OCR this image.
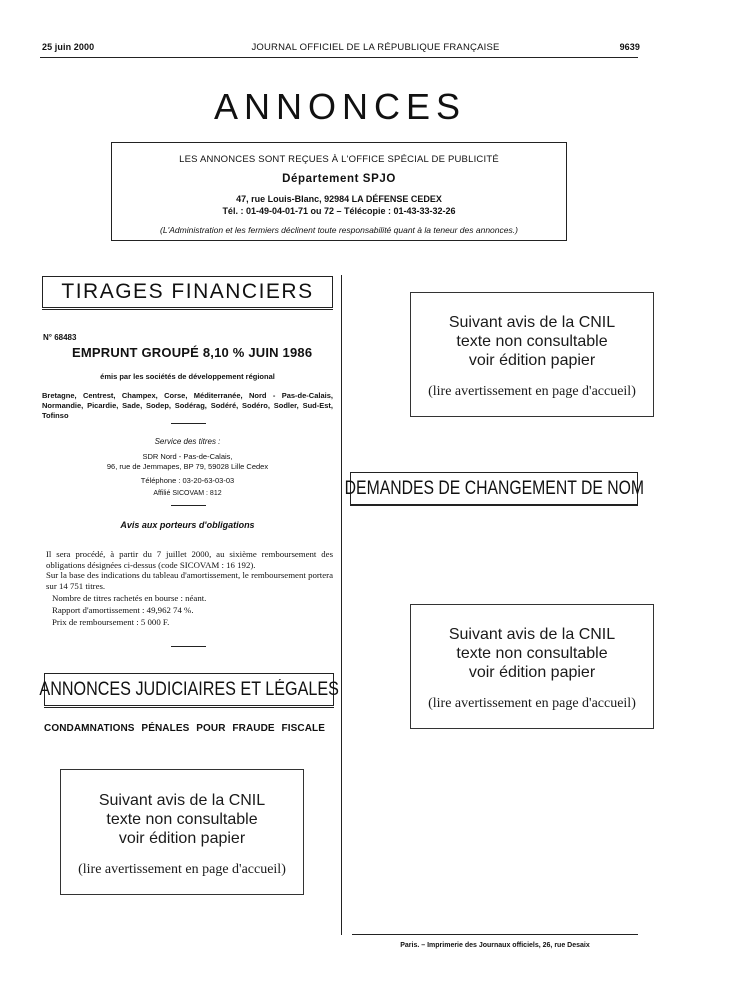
25 juin 2000	JOURNAL OFFICIEL DE LA RÉPUBLIQUE FRANÇAISE	9639
ANNONCES
LES ANNONCES SONT REÇUES À L'OFFICE SPÉCIAL DE PUBLICITÉ
Département SPJO
47, rue Louis-Blanc, 92984 LA DÉFENSE CEDEX
Tél. : 01-49-04-01-71 ou 72 – Télécopie : 01-43-33-32-26
(L'Administration et les fermiers déclinent toute responsabilité quant à la teneur des annonces.)
TIRAGES FINANCIERS
N° 68483
EMPRUNT GROUPÉ 8,10 % JUIN 1986
émis par les sociétés de développement régional
Bretagne, Centrest, Champex, Corse, Méditerranée, Nord - Pas-de-Calais, Normandie, Picardie, Sade, Sodep, Sodérag, Sodéré, Sodéro, Sodler, Sud-Est, Tofinso
Service des titres :
SDR Nord - Pas-de-Calais,
96, rue de Jemmapes, BP 79, 59028 Lille Cedex
Téléphone : 03-20-63-03-03
Affilié SICOVAM : 812
Avis aux porteurs d'obligations

Il sera procédé, à partir du 7 juillet 2000, au sixième remboursement des obligations désignées ci-dessus (code SICOVAM : 16 192).

Sur la base des indications du tableau d'amortissement, le remboursement portera sur 14 751 titres.

Nombre de titres rachetés en bourse : néant.

Rapport d'amortissement : 49,962 74 %.

Prix de remboursement : 5 000 F.

ANNONCES JUDICIAIRES ET LÉGALES
CONDAMNATIONS PÉNALES POUR FRAUDE FISCALE
Suivant avis de la CNIL
texte non consultable
voir édition papier
(lire avertissement en page d'accueil)
Suivant avis de la CNIL
texte non consultable
voir édition papier
(lire avertissement en page d'accueil)
DEMANDES DE CHANGEMENT DE NOM
Suivant avis de la CNIL
texte non consultable
voir édition papier
(lire avertissement en page d'accueil)
Paris. – Imprimerie des Journaux officiels, 26, rue Desaix
